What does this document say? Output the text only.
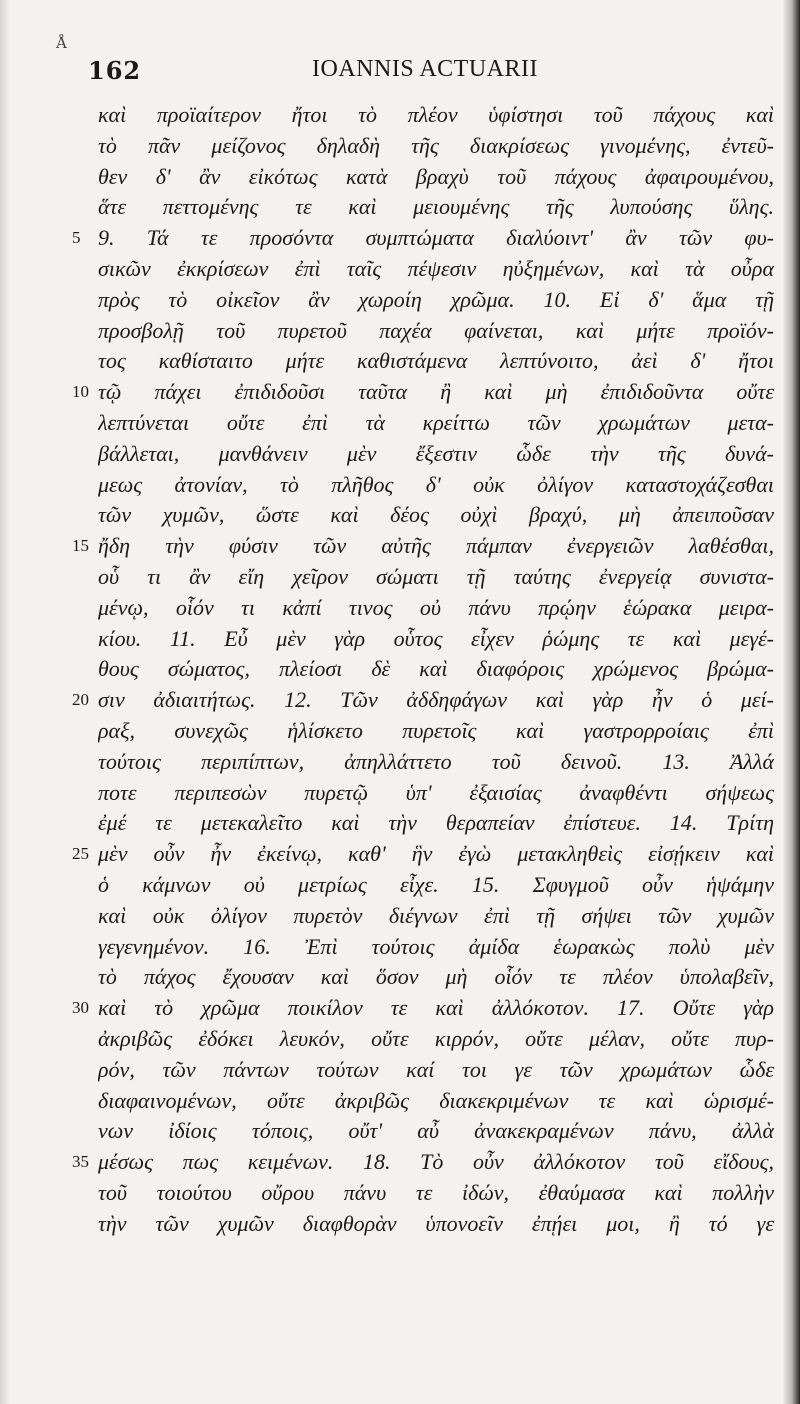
Å
162	IOANNIS ACTUARII
καὶ προϊαίτερον ἤτοι τὸ πλέον ὑφίστησι τοῦ πάχους καὶ
τὸ πᾶν μείζονος δηλαδὴ τῆς διακρίσεως γινομένης, ἐντεῦ-
θεν δ' ἂν εἰκότως κατὰ βραχὺ τοῦ πάχους ἀφαιρουμένου,
ἅτε πεττομένης τε καὶ μειουμένης τῆς λυπούσης ὕλης.
5 9. Τά τε προσόντα συμπτώματα διαλύοιντ' ἂν τῶν φυ-
σικῶν ἐκκρίσεων ἐπὶ ταῖς πέψεσιν ηὐξημένων, καὶ τὰ οὖρα
πρὸς τὸ οἰκεῖον ἂν χωροίη χρῶμα. 10. Εἰ δ' ἅμα τῇ
προσβολῇ τοῦ πυρετοῦ παχέα φαίνεται, καὶ μήτε προϊόν-
τος καθίσταιτο μήτε καθιστάμενα λεπτύνοιτο, ἀεὶ δ' ἤτοι
10 τῷ πάχει ἐπιδιδοῦσι ταῦτα ἢ καὶ μὴ ἐπιδιδοῦντα οὔτε
λεπτύνεται οὔτε ἐπὶ τὰ κρείττω τῶν χρωμάτων μετα-
βάλλεται, μανθάνειν μὲν ἔξεστιν ὧδε τὴν τῆς δυνά-
μεως ἀτονίαν, τὸ πλῆθος δ' οὐκ ὀλίγον καταστοχάζεσθαι
τῶν χυμῶν, ὥστε καὶ δέος οὐχὶ βραχύ, μὴ ἀπειποῦσαν
15 ἤδη τὴν φύσιν τῶν αὐτῆς πάμπαν ἐνεργειῶν λαθέσθαι,
οὗ τι ἂν εἴη χεῖρον σώματι τῇ ταύτης ἐνεργείᾳ συνιστα-
μένῳ, οἷόν τι κἀπί τινος οὐ πάνυ πρῴην ἑώρακα μειρα-
κίου. 11. Εὖ μὲν γὰρ οὗτος εἶχεν ῥώμης τε καὶ μεγέ-
θους σώματος, πλείοσι δὲ καὶ διαφόροις χρώμενος βρώμα-
20 σιν ἀδιαιτήτως. 12. Τῶν ἀδδηφάγων καὶ γὰρ ἦν ὁ μεί-
ραξ, συνεχῶς ἡλίσκετο πυρετοῖς καὶ γαστρορροίαις ἐπὶ
τούτοις περιπίπτων, ἀπηλλάττετο τοῦ δεινοῦ. 13. Ἀλλά
ποτε περιπεσὼν πυρετῷ ὑπ' ἐξαισίας ἀναφθέντι σήψεως
ἐμέ τε μετεκαλεῖτο καὶ τὴν θεραπείαν ἐπίστευε. 14. Τρίτη
25 μὲν οὖν ἦν ἐκείνῳ, καθ' ἣν ἐγὼ μετακληθεὶς εἰσῄκειν καὶ
ὁ κάμνων οὐ μετρίως εἶχε. 15. Σφυγμοῦ οὖν ἡψάμην
καὶ οὐκ ὀλίγον πυρετὸν διέγνων ἐπὶ τῇ σήψει τῶν χυμῶν
γεγενημένον. 16. Ἐπὶ τούτοις ἀμίδα ἑωρακὼς πολὺ μὲν
τὸ πάχος ἔχουσαν καὶ ὅσον μὴ οἷόν τε πλέον ὑπολαβεῖν,
30 καὶ τὸ χρῶμα ποικίλον τε καὶ ἀλλόκοτον. 17. Οὔτε γὰρ
ἀκριβῶς ἐδόκει λευκόν, οὔτε κιρρόν, οὔτε μέλαν, οὔτε πυρ-
ρόν, τῶν πάντων τούτων καί τοι γε τῶν χρωμάτων ὧδε
διαφαινομένων, οὔτε ἀκριβῶς διακεκριμένων τε καὶ ὡρισμέ-
νων ἰδίοις τόποις, οὔτ' αὖ ἀνακεκραμένων πάνυ, ἀλλὰ
35 μέσως πως κειμένων. 18. Τὸ οὖν ἀλλόκοτον τοῦ εἴδους,
τοῦ τοιούτου οὔρου πάνυ τε ἰδών, ἐθαύμασα καὶ πολλὴν
τὴν τῶν χυμῶν διαφθορὰν ὑπονοεῖν ἐπῄει μοι, ἢ τό γε
